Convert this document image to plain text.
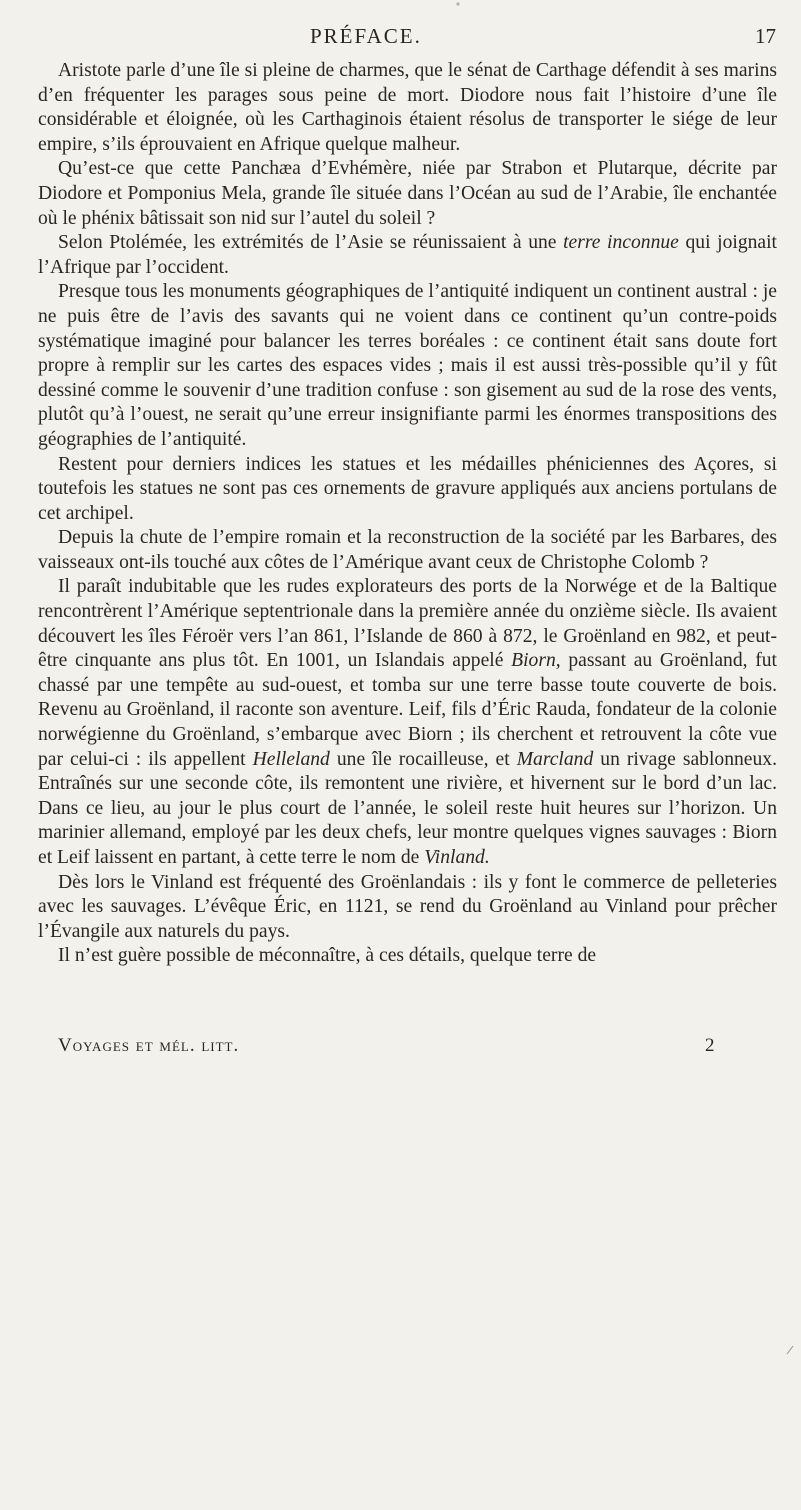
PRÉFACE.	17

Aristote parle d’une île si pleine de charmes, que le sénat de Carthage défendit à ses marins d’en fréquenter les parages sous peine de mort. Diodore nous fait l’histoire d’une île considérable et éloignée, où les Carthaginois étaient résolus de transporter le siége de leur empire, s’ils éprouvaient en Afrique quelque malheur.

Qu’est-ce que cette Panchæa d’Evhémère, niée par Strabon et Plutarque, décrite par Diodore et Pomponius Mela, grande île située dans l’Océan au sud de l’Arabie, île enchantée où le phénix bâtissait son nid sur l’autel du soleil ?

Selon Ptolémée, les extrémités de l’Asie se réunissaient à une terre inconnue qui joignait l’Afrique par l’occident.

Presque tous les monuments géographiques de l’antiquité indiquent un continent austral : je ne puis être de l’avis des savants qui ne voient dans ce continent qu’un contre-poids systématique imaginé pour balancer les terres boréales : ce continent était sans doute fort propre à remplir sur les cartes des espaces vides ; mais il est aussi très-possible qu’il y fût dessiné comme le souvenir d’une tradition confuse : son gisement au sud de la rose des vents, plutôt qu’à l’ouest, ne serait qu’une erreur insignifiante parmi les énormes transpositions des géographies de l’antiquité.

Restent pour derniers indices les statues et les médailles phéniciennes des Açores, si toutefois les statues ne sont pas ces ornements de gravure appliqués aux anciens portulans de cet archipel.

Depuis la chute de l’empire romain et la reconstruction de la société par les Barbares, des vaisseaux ont-ils touché aux côtes de l’Amérique avant ceux de Christophe Colomb ?

Il paraît indubitable que les rudes explorateurs des ports de la Norwége et de la Baltique rencontrèrent l’Amérique septentrionale dans la première année du onzième siècle. Ils avaient découvert les îles Féroër vers l’an 861, l’Islande de 860 à 872, le Groënland en 982, et peut-être cinquante ans plus tôt. En 1001, un Islandais appelé Biorn, passant au Groënland, fut chassé par une tempête au sud-ouest, et tomba sur une terre basse toute couverte de bois. Revenu au Groënland, il raconte son aventure. Leif, fils d’Éric Rauda, fondateur de la colonie norwégienne du Groënland, s’embarque avec Biorn ; ils cherchent et retrouvent la côte vue par celui-ci : ils appellent Helleland une île rocailleuse, et Marcland un rivage sablonneux. Entraînés sur une seconde côte, ils remontent une rivière, et hivernent sur le bord d’un lac. Dans ce lieu, au jour le plus court de l’année, le soleil reste huit heures sur l’horizon. Un marinier allemand, employé par les deux chefs, leur montre quelques vignes sauvages : Biorn et Leif laissent en partant, à cette terre le nom de Vinland.

Dès lors le Vinland est fréquenté des Groënlandais : ils y font le commerce de pelleteries avec les sauvages. L’évêque Éric, en 1121, se rend du Groënland au Vinland pour prêcher l’Évangile aux naturels du pays.

Il n’est guère possible de méconnaître, à ces détails, quelque terre de

Voyages et mél. litt.	2
